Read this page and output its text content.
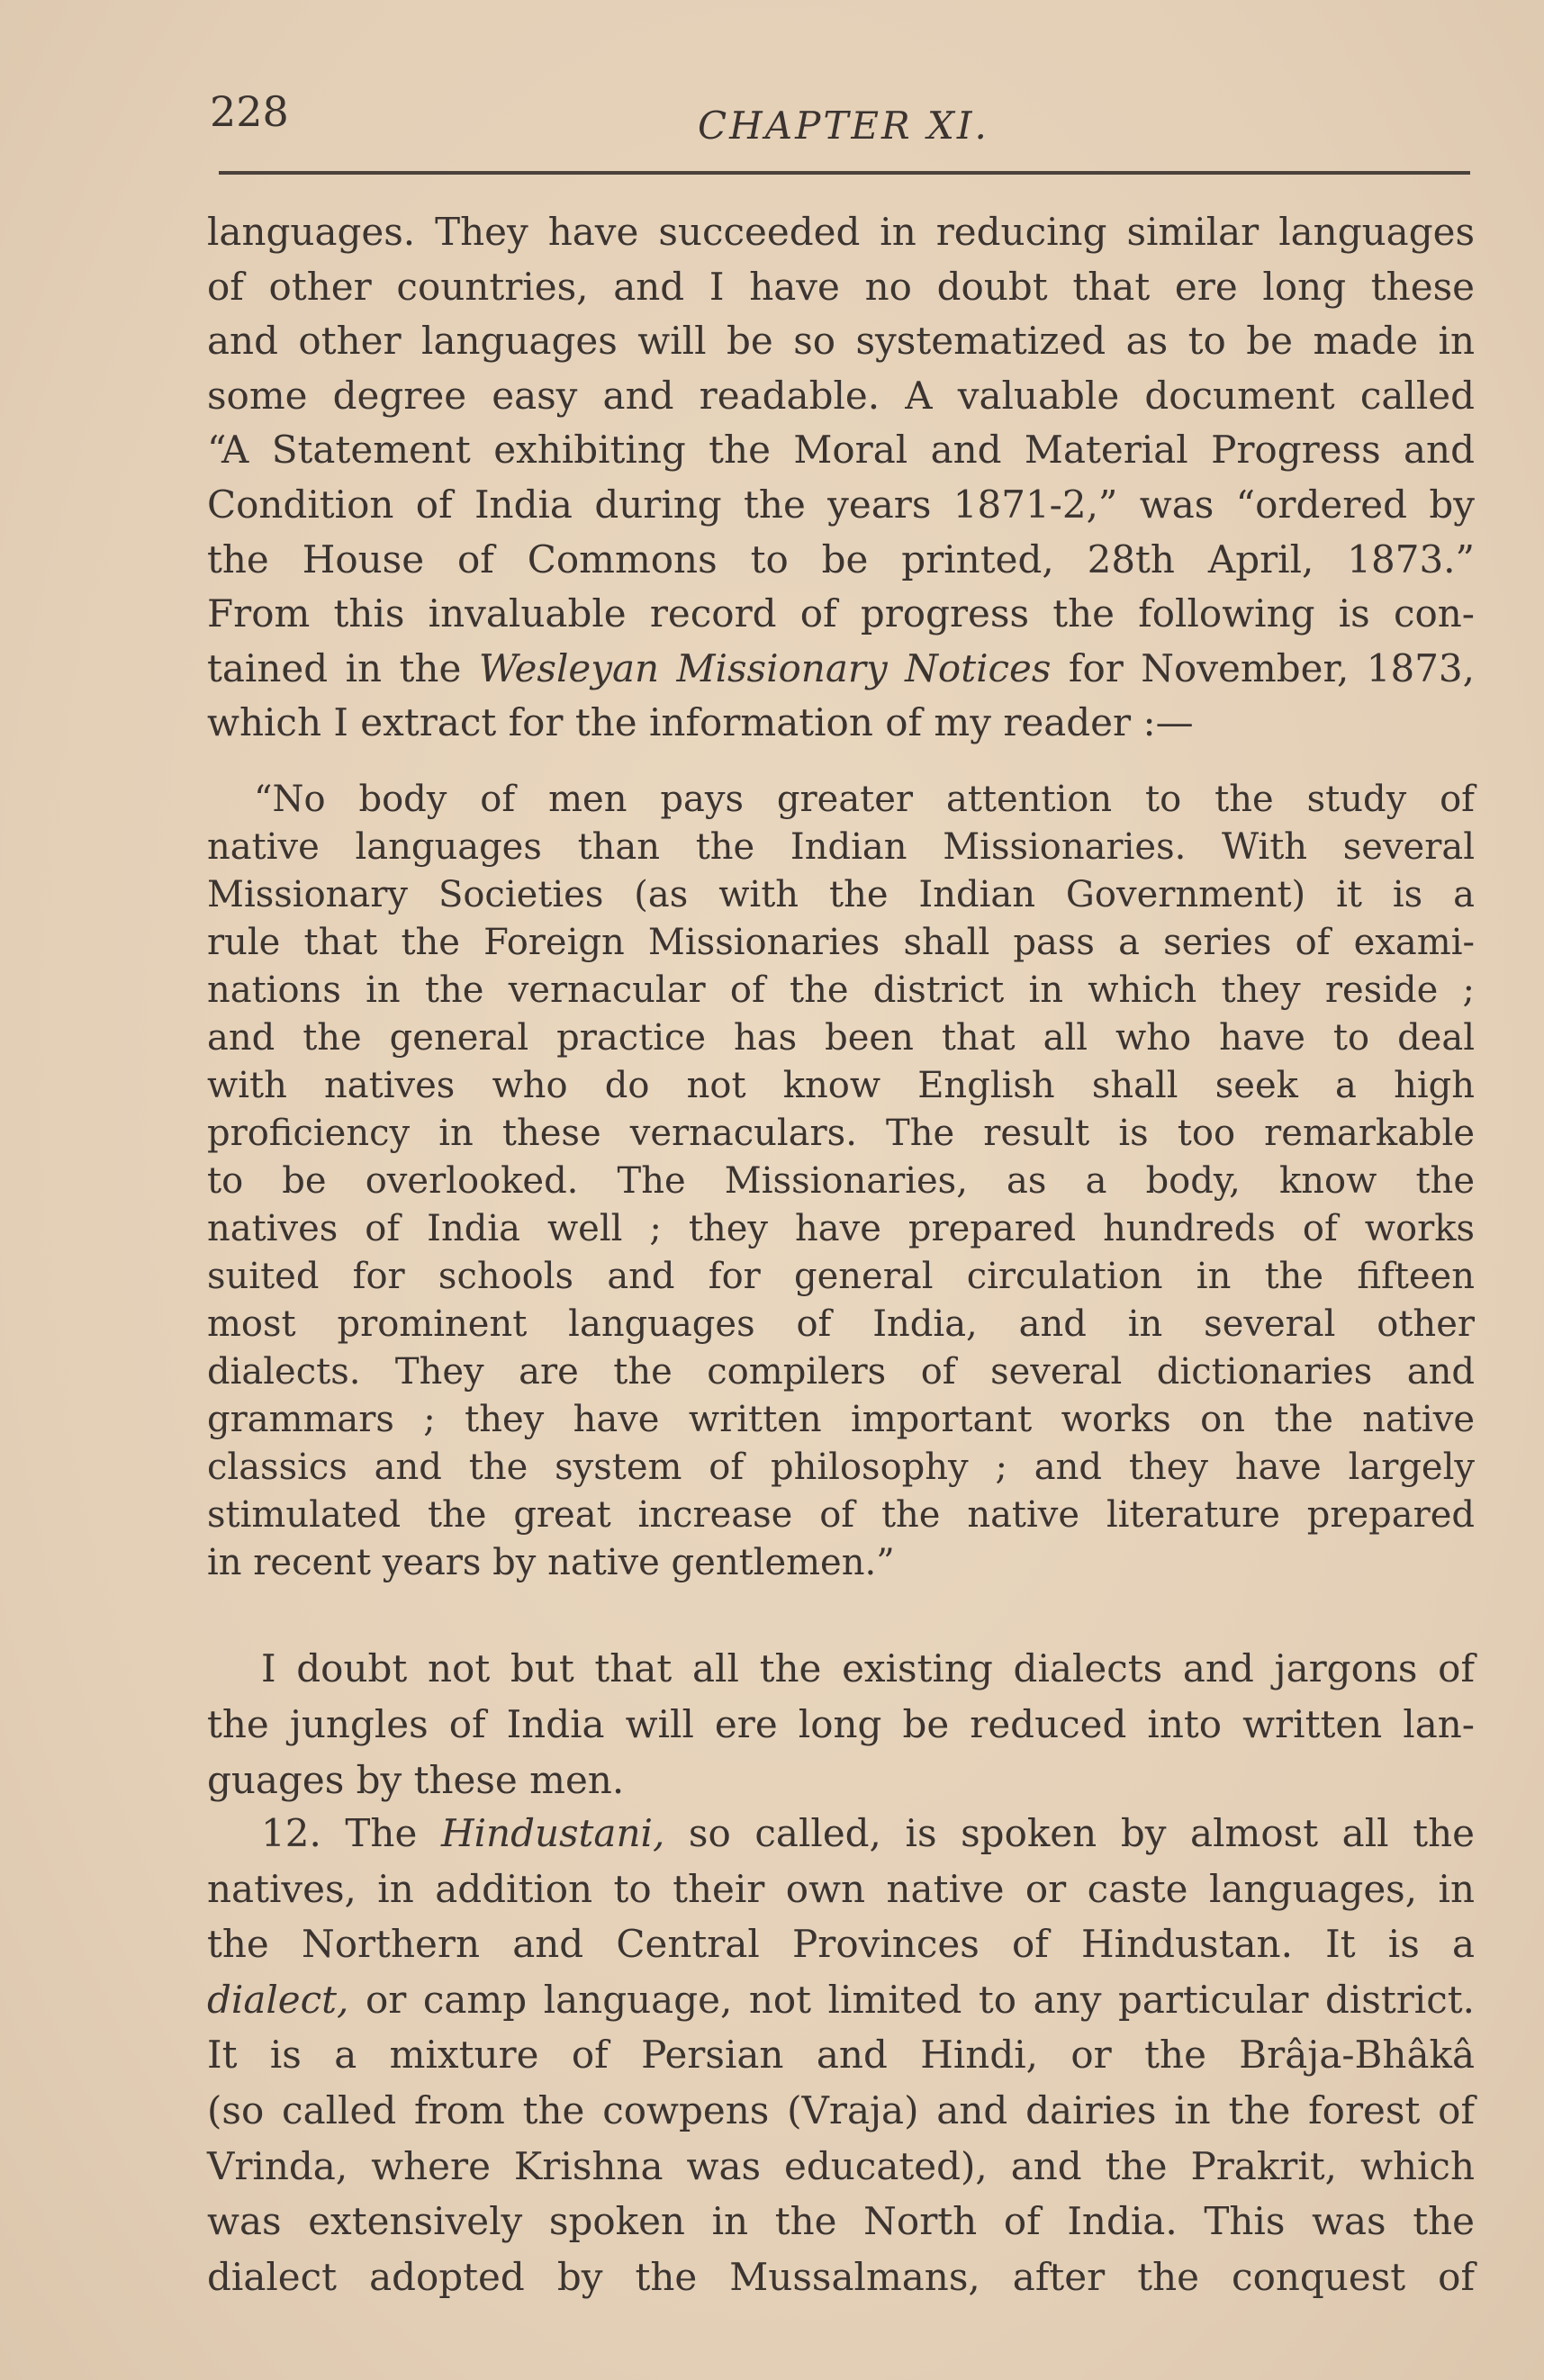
228	CHAPTER XI.
languages. They have succeeded in reducing similar languages
of other countries, and I have no doubt that ere long these
and other languages will be so systematized as to be made in
some degree easy and readable. A valuable document called
“A Statement exhibiting the Moral and Material Progress and
Condition of India during the years 1871-2,” was “ordered by
the House of Commons to be printed, 28th April, 1873.”
From this invaluable record of progress the following is con-
tained in the Wesleyan Missionary Notices for November, 1873,
which I extract for the information of my reader :—
“No body of men pays greater attention to the study of
native languages than the Indian Missionaries. With several
Missionary Societies (as with the Indian Government) it is a
rule that the Foreign Missionaries shall pass a series of exami-
nations in the vernacular of the district in which they reside ;
and the general practice has been that all who have to deal
with natives who do not know English shall seek a high
proficiency in these vernaculars. The result is too remarkable
to be overlooked. The Missionaries, as a body, know the
natives of India well ; they have prepared hundreds of works
suited for schools and for general circulation in the fifteen
most prominent languages of India, and in several other
dialects. They are the compilers of several dictionaries and
grammars ; they have written important works on the native
classics and the system of philosophy ; and they have largely
stimulated the great increase of the native literature prepared
in recent years by native gentlemen.”
I doubt not but that all the existing dialects and jargons of
the jungles of India will ere long be reduced into written lan-
guages by these men.
12. The Hindustani, so called, is spoken by almost all the
natives, in addition to their own native or caste languages, in
the Northern and Central Provinces of Hindustan. It is a
dialect, or camp language, not limited to any particular district.
It is a mixture of Persian and Hindi, or the Brâja-Bhâkâ
(so called from the cowpens (Vraja) and dairies in the forest of
Vrinda, where Krishna was educated), and the Prakrit, which
was extensively spoken in the North of India. This was the
dialect adopted by the Mussalmans, after the conquest of
